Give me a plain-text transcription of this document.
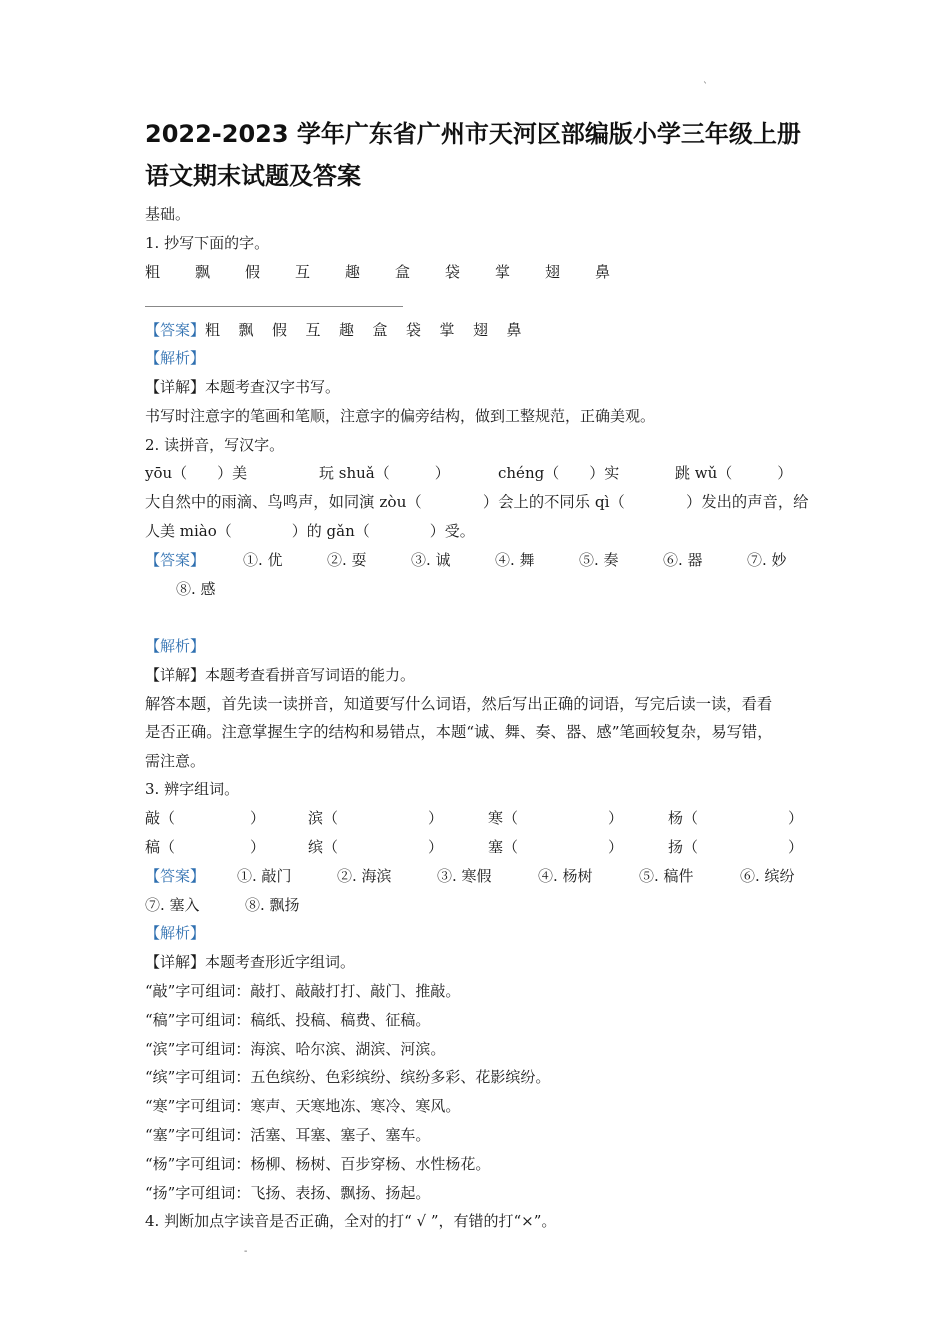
`
2022-2023 学年广东省广州市天河区部编版小学三年级上册
语文期末试题及答案
基础。
1. 抄写下面的字。
粗 飘 假 互 趣 盒 袋 掌 翅 鼻
【答案】粗 飘 假 互 趣 盒 袋 掌 翅 鼻
【解析】
【详解】本题考查汉字书写。
书写时注意字的笔画和笔顺，注意字的偏旁结构，做到工整规范，正确美观。
2. 读拼音，写汉字。
yōu（　　）美	玩 shuǎ（　　　）	chéng（　　）实	跳 wǔ（　　　）
大自然中的雨滴、鸟鸣声，如同演 zòu（　　　　）会上的不同乐 qì（　　　　）发出的声音，给
人美 miào（　　　　）的 gǎn（　　　　）受。
【答案】	①. 优	②. 耍	③. 诚	④. 舞	⑤. 奏	⑥. 器	⑦. 妙
⑧. 感
【解析】
【详解】本题考查看拼音写词语的能力。
解答本题，首先读一读拼音，知道要写什么词语，然后写出正确的词语，写完后读一读，看看
是否正确。注意掌握生字的结构和易错点，本题“诚、舞、奏、器、感”笔画较复杂，易写错，
需注意。
3. 辨字组词。
敲（　　　　　）	滨（　　　　　　）	寒（　　　　　　）	杨（　　　　　　）
稿（　　　　　）	缤（　　　　　　）	塞（　　　　　　）	扬（　　　　　　）
【答案】 ①. 敲门	②. 海滨	③. 寒假	④. 杨树	⑤. 稿件	⑥. 缤纷
⑦. 塞入	⑧. 飘扬
【解析】
【详解】本题考查形近字组词。
“敲”字可组词：敲打、敲敲打打、敲门、推敲。
“稿”字可组词：稿纸、投稿、稿费、征稿。
“滨”字可组词：海滨、哈尔滨、湖滨、河滨。
“缤”字可组词：五色缤纷、色彩缤纷、缤纷多彩、花影缤纷。
“寒”字可组词：寒声、天寒地冻、寒冷、寒风。
“塞”字可组词：活塞、耳塞、塞子、塞车。
“杨”字可组词：杨柳、杨树、百步穿杨、水性杨花。
“扬”字可组词：飞扬、表扬、飘扬、扬起。
4. 判断加点字读音是否正确，全对的打“ √ ”，有错的打“×”。
-
